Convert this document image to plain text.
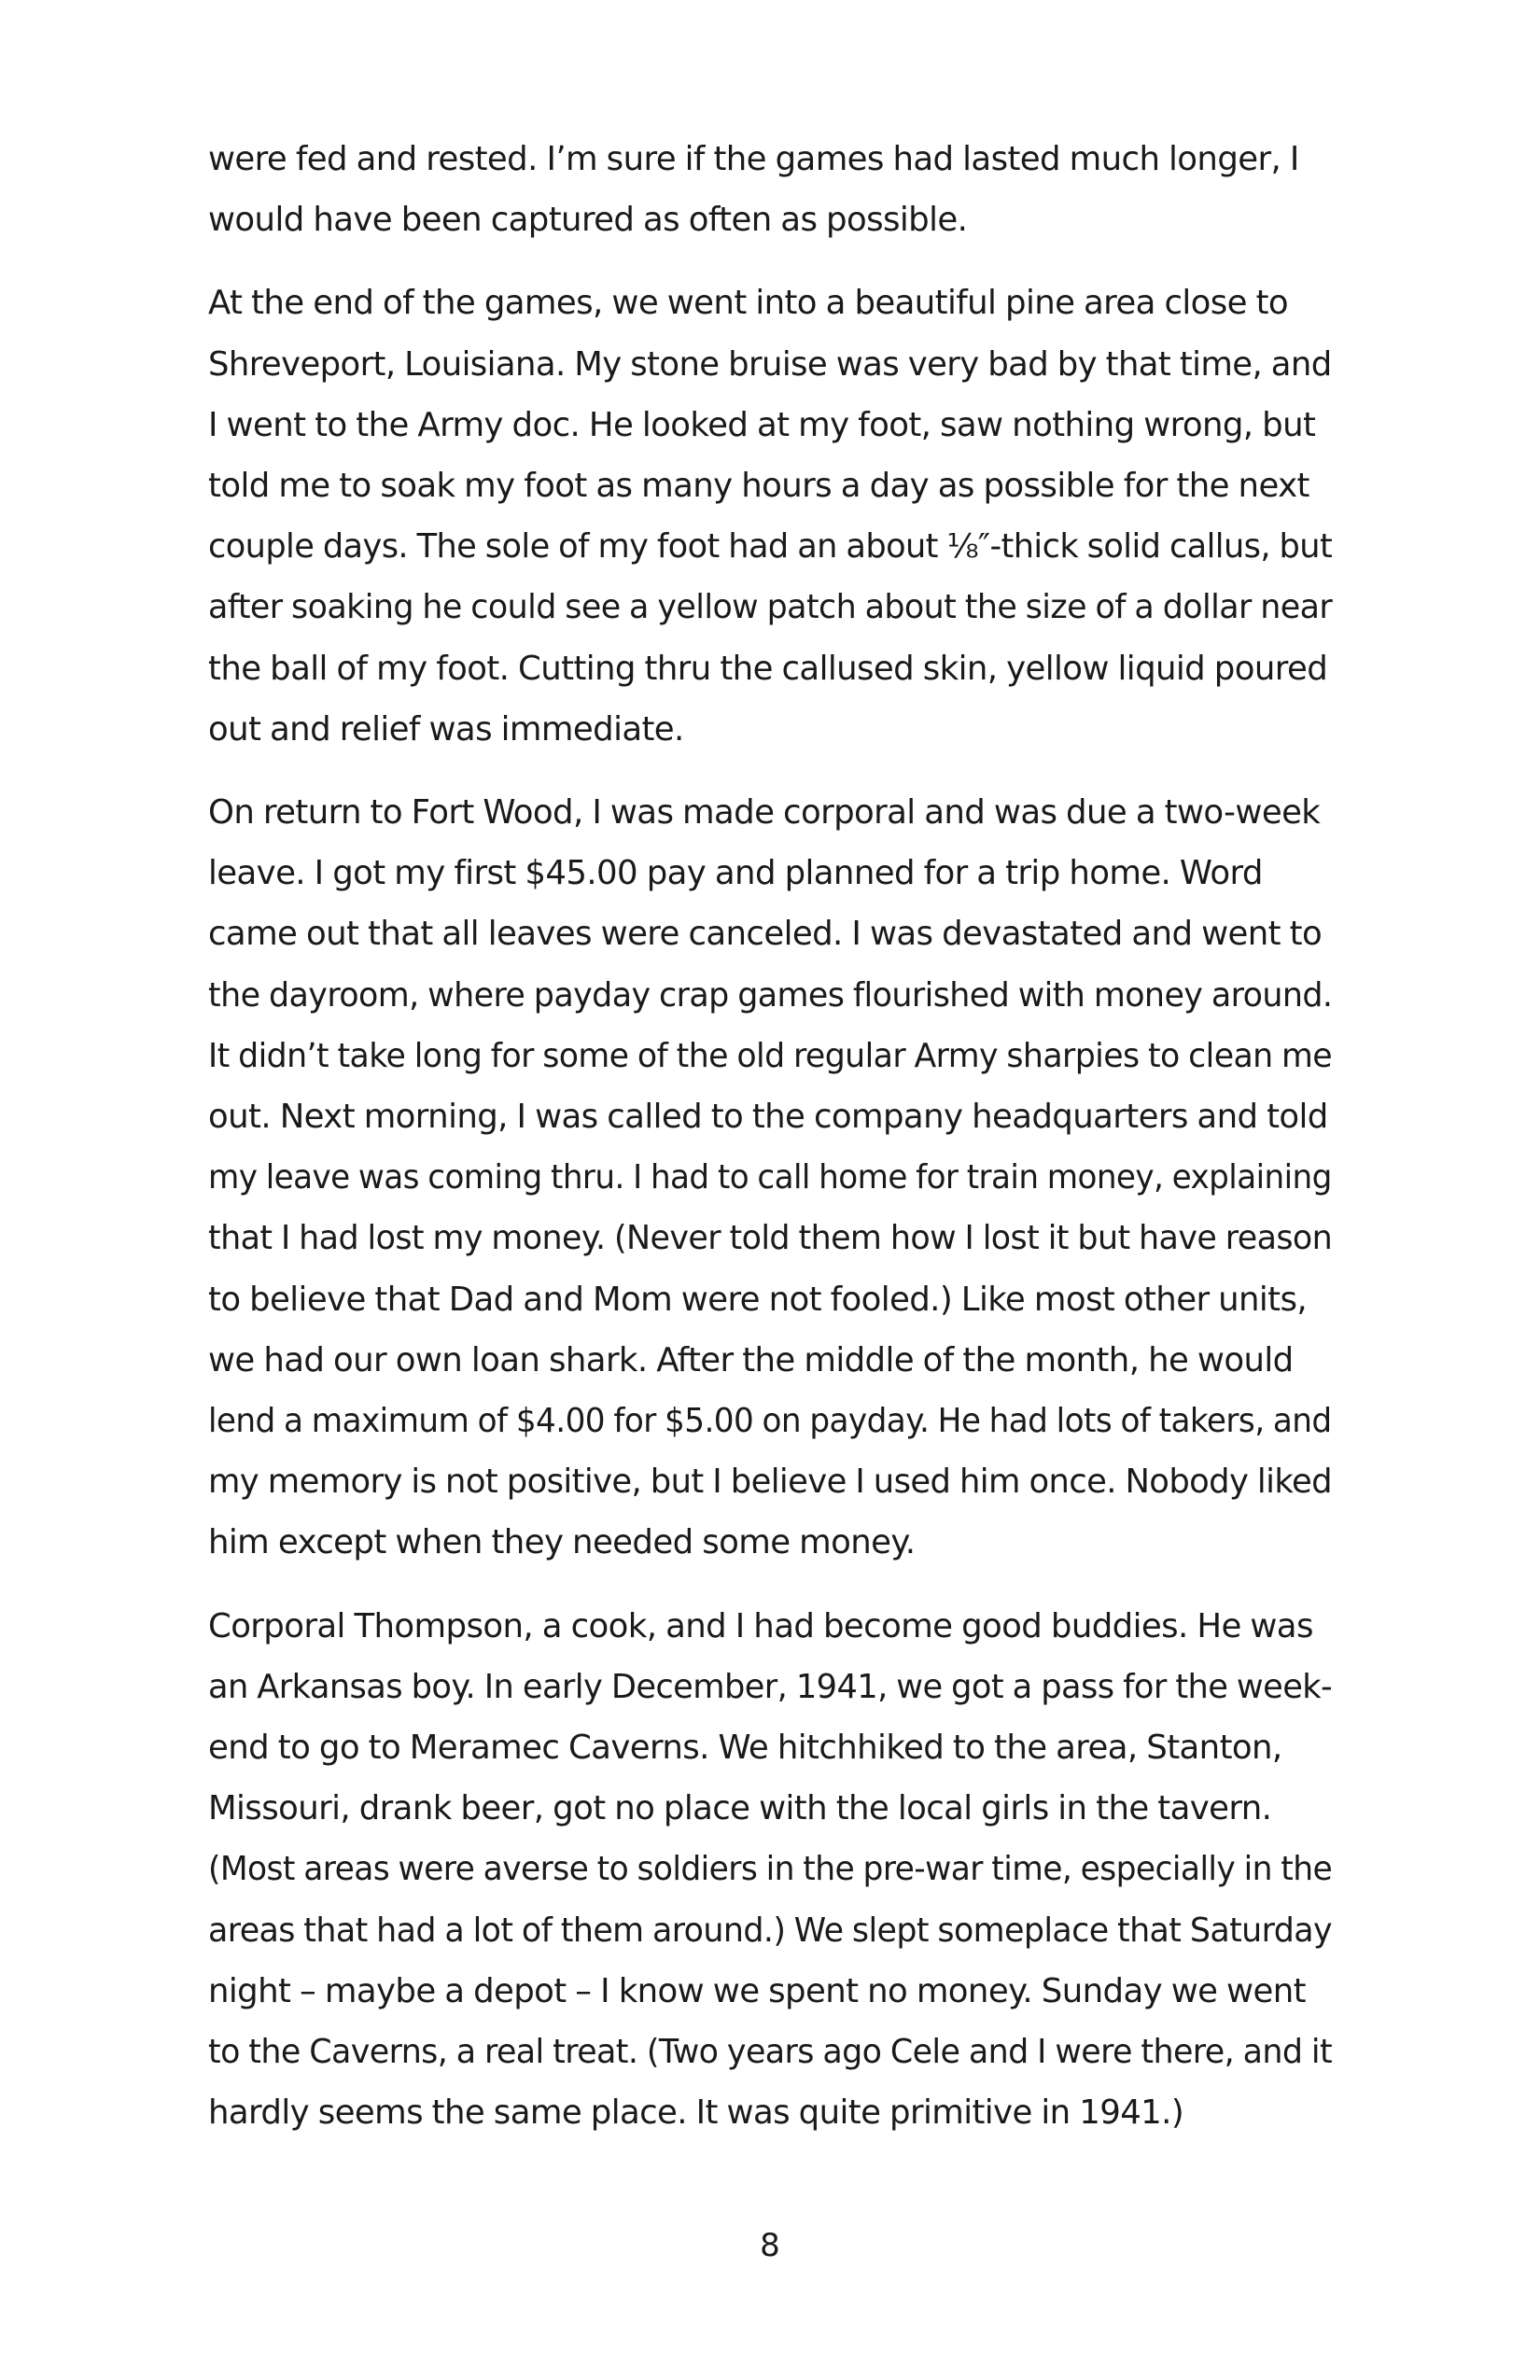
were fed and rested. I’m sure if the games had lasted much longer, I
would have been captured as often as possible.

At the end of the games, we went into a beautiful pine area close to
Shreveport, Louisiana. My stone bruise was very bad by that time, and
I went to the Army doc. He looked at my foot, saw nothing wrong, but
told me to soak my foot as many hours a day as possible for the next
couple days. The sole of my foot had an about ⅛″-thick solid callus, but
after soaking he could see a yellow patch about the size of a dollar near
the ball of my foot. Cutting thru the callused skin, yellow liquid poured
out and relief was immediate.

On return to Fort Wood, I was made corporal and was due a two-week
leave. I got my first $45.00 pay and planned for a trip home. Word
came out that all leaves were canceled. I was devastated and went to
the dayroom, where payday crap games flourished with money around.
It didn’t take long for some of the old regular Army sharpies to clean me
out. Next morning, I was called to the company headquarters and told
my leave was coming thru. I had to call home for train money, explaining
that I had lost my money. (Never told them how I lost it but have reason
to believe that Dad and Mom were not fooled.) Like most other units,
we had our own loan shark. After the middle of the month, he would
lend a maximum of $4.00 for $5.00 on payday. He had lots of takers, and
my memory is not positive, but I believe I used him once. Nobody liked
him except when they needed some money.

Corporal Thompson, a cook, and I had become good buddies. He was
an Arkansas boy. In early December, 1941, we got a pass for the week-
end to go to Meramec Caverns. We hitchhiked to the area, Stanton,
Missouri, drank beer, got no place with the local girls in the tavern.
(Most areas were averse to soldiers in the pre-war time, especially in the
areas that had a lot of them around.) We slept someplace that Saturday
night – maybe a depot – I know we spent no money. Sunday we went
to the Caverns, a real treat. (Two years ago Cele and I were there, and it
hardly seems the same place. It was quite primitive in 1941.)

8
